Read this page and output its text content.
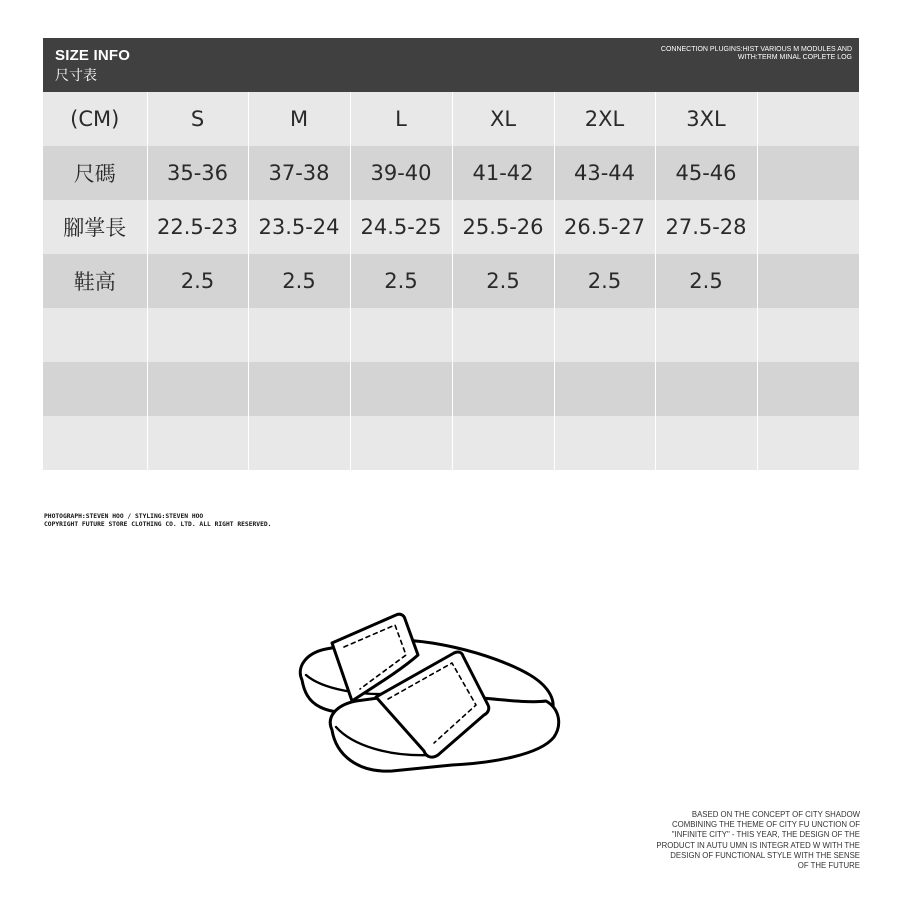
SIZE INFO
尺寸表
CONNECTION PLUGINS:HIST VARIOUS M MODULES AND
WITH:TERM MINAL COPLETE LOG
(CM)	S	M	L	XL	2XL	3XL	
尺碼	35-36	37-38	39-40	41-42	43-44	45-46	
腳掌長	22.5-23	23.5-24	24.5-25	25.5-26	26.5-27	27.5-28	
鞋高	2.5	2.5	2.5	2.5	2.5	2.5	

PHOTOGRAPH:STEVEN HOO / STYLING:STEVEN HOO
COPYRIGHT FUTURE STORE CLOTHING CO. LTD. ALL RIGHT RESERVED.
BASED ON THE CONCEPT OF CITY SHADOW
COMBINING THE THEME OF CITY FU UNCTION OF
"INFINITE CITY" - THIS YEAR, THE DESIGN OF THE
PRODUCT IN AUTU UMN IS INTEGR ATED W WITH THE
DESIGN OF FUNCTIONAL STYLE WITH THE SENSE
OF THE FUTURE
